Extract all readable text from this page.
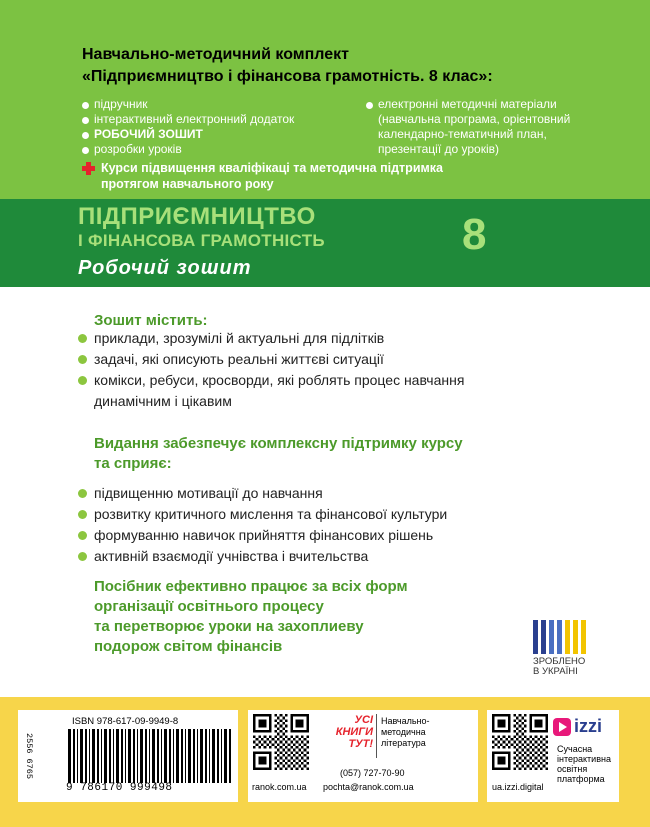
Навчально-методичний комплект
«Підприємництво і фінансова грамотність. 8 клас»:
підручник
інтерактивний електронний додаток
РОБОЧИЙ ЗОШИТ
розробки уроків
електронні методичні матеріали
(навчальна програма, орієнтовний
календарно-тематичний план,
презентації до уроків)
Курси підвищення кваліфікаці та методична підтримка
протягом навчального року
ПІДПРИЄМНИЦТВО
І ФІНАНСОВА ГРАМОТНІСТЬ
Робочий зошит
8
Зошит містить:
приклади, зрозумілі й актуальні для підлітків
задачі, які описують реальні життєві ситуації
комікси, ребуси, кросворди, які роблять процес навчання
динамічним і цікавим
Видання забезпечує комплексну підтримку курсу
та сприяє:
підвищенню мотивації до навчання
розвитку критичного мислення та фінансової культури
формуванню навичок прийняття фінансових рішень
активній взаємодії учнівства і вчительства
Посібник ефективно працює за всіх форм
організації освітнього процесу
та перетворює уроки на захоплиеву
подорож світом фінансів
ЗРОБЛЕНО
В УКРАЇНІ
2556 6765
ISBN 978-617-09-9949-8
9 786170 999498
УСІ
КНИГИ
ТУТ!
Навчально-
методична
література
(057) 727-70-90
ranok.com.ua pochta@ranok.com.ua
izzi
Сучасна
інтерактивна
освітня
платформа
ua.izzi.digital
